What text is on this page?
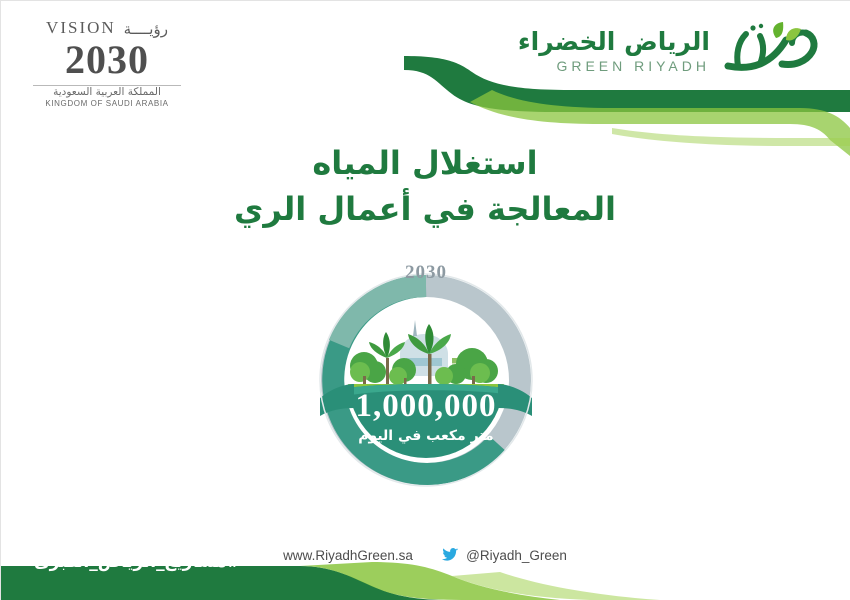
VISION رؤيــــة
2030
المملكة العربية السعودية
KINGDOM OF SAUDI ARABIA
الرياض الخضراء
GREEN RIYADH
استغلال المياه
المعالجة في أعمال الري
2030
1,000,000
متر مكعب في اليوم
www.RiyadhGreen.sa	@Riyadh_Green
#مشاريع_الرياض_الكبرى
